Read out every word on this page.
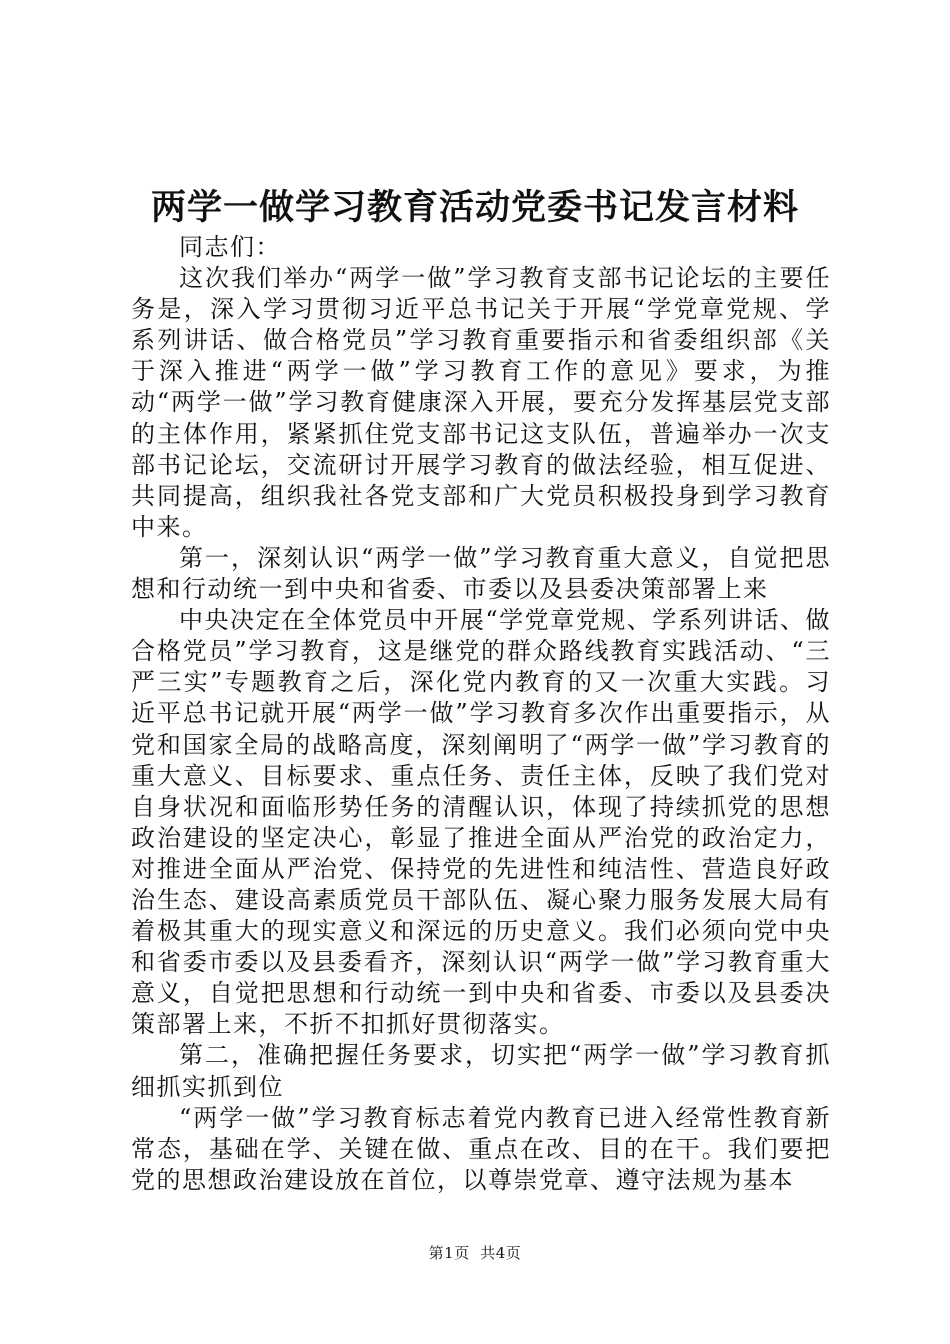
两学一做学习教育活动党委书记发言材料

同志们：

这次我们举办“两学一做”学习教育支部书记论坛的主要任务是，深入学习贯彻习近平总书记关于开展“学党章党规、学系列讲话、做合格党员”学习教育重要指示和省委组织部《关于深入推进“两学一做”学习教育工作的意见》要求，为推动“两学一做”学习教育健康深入开展，要充分发挥基层党支部的主体作用，紧紧抓住党支部书记这支队伍，普遍举办一次支部书记论坛，交流研讨开展学习教育的做法经验，相互促进、共同提高，组织我社各党支部和广大党员积极投身到学习教育中来。

第一，深刻认识“两学一做”学习教育重大意义，自觉把思想和行动统一到中央和省委、市委以及县委决策部署上来

中央决定在全体党员中开展“学党章党规、学系列讲话、做合格党员”学习教育，这是继党的群众路线教育实践活动、“三严三实”专题教育之后，深化党内教育的又一次重大实践。习近平总书记就开展“两学一做”学习教育多次作出重要指示，从党和国家全局的战略高度，深刻阐明了“两学一做”学习教育的重大意义、目标要求、重点任务、责任主体，反映了我们党对自身状况和面临形势任务的清醒认识，体现了持续抓党的思想政治建设的坚定决心，彰显了推进全面从严治党的政治定力，对推进全面从严治党、保持党的先进性和纯洁性、营造良好政治生态、建设高素质党员干部队伍、凝心聚力服务发展大局有着极其重大的现实意义和深远的历史意义。我们必须向党中央和省委市委以及县委看齐，深刻认识“两学一做”学习教育重大意义，自觉把思想和行动统一到中央和省委、市委以及县委决策部署上来，不折不扣抓好贯彻落实。

第二，准确把握任务要求，切实把“两学一做”学习教育抓细抓实抓到位

“两学一做”学习教育标志着党内教育已进入经常性教育新常态，基础在学、关键在做、重点在改、目的在干。我们要把党的思想政治建设放在首位，以尊崇党章、遵守法规为基本

第1页 共4页
